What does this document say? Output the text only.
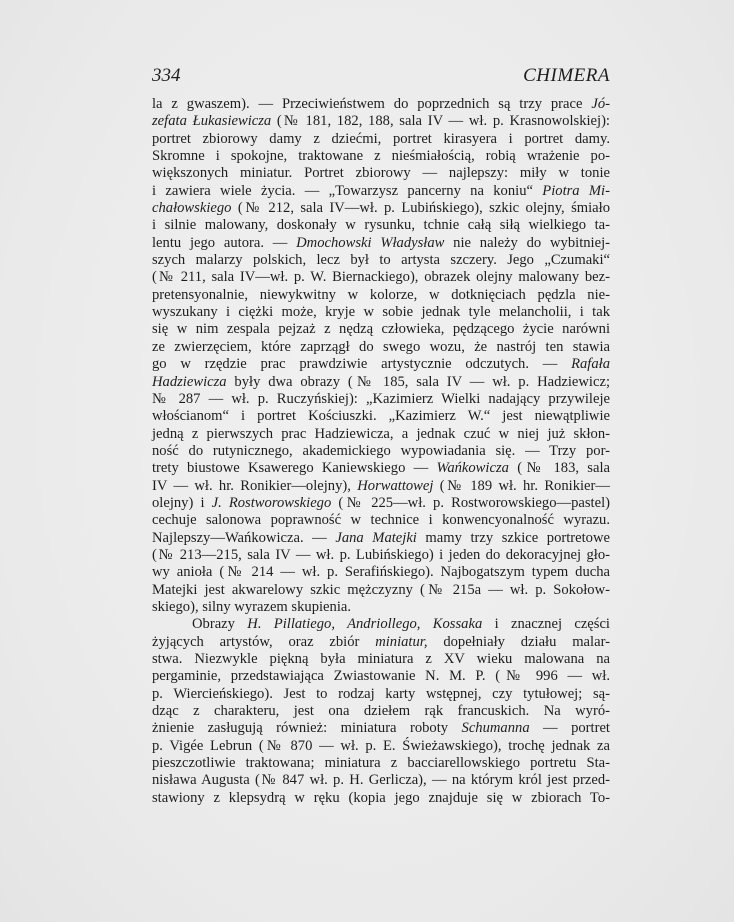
334	CHIMERA
la z gwaszem). — Przeciwieństwem do poprzednich są trzy prace Jó-
zefata Łukasiewicza (№ 181, 182, 188, sala IV — wł. p. Krasnowolskiej):
portret zbiorowy damy z dziećmi, portret kirasyera i portret damy.
Skromne i spokojne, traktowane z nieśmiałością, robią wrażenie po-
większonych miniatur. Portret zbiorowy — najlepszy: miły w tonie
i zawiera wiele życia. — „Towarzysz pancerny na koniu“ Piotra Mi-
chałowskiego (№ 212, sala IV—wł. p. Lubińskiego), szkic olejny, śmiało
i silnie malowany, doskonały w rysunku, tchnie całą siłą wielkiego ta-
lentu jego autora. — Dmochowski Władysław nie należy do wybitniej-
szych malarzy polskich, lecz był to artysta szczery. Jego „Czumaki“
(№ 211, sala IV—wł. p. W. Biernackiego), obrazek olejny malowany bez-
pretensyonalnie, niewykwitny w kolorze, w dotknięciach pędzla nie-
wyszukany i ciężki może, kryje w sobie jednak tyle melancholii, i tak
się w nim zespala pejzaż z nędzą człowieka, pędzącego życie narówni
ze zwierzęciem, które zaprzągł do swego wozu, że nastrój ten stawia
go w rzędzie prac prawdziwie artystycznie odczutych. — Rafała
Hadziewicza były dwa obrazy (№ 185, sala IV — wł. p. Hadziewicz;
№ 287 — wł. p. Ruczyńskiej): „Kazimierz Wielki nadający przywileje
włościanom“ i portret Kościuszki. „Kazimierz W.“ jest niewątpliwie
jedną z pierwszych prac Hadziewicza, a jednak czuć w niej już skłon-
ność do rutynicznego, akademickiego wypowiadania się. — Trzy por-
trety biustowe Ksawerego Kaniewskiego — Wańkowicza (№ 183, sala
IV — wł. hr. Ronikier—olejny), Horwattowej (№ 189 wł. hr. Ronikier—
olejny) i J. Rostworowskiego (№ 225—wł. p. Rostworowskiego—pastel)
cechuje salonowa poprawność w technice i konwencyonalność wyrazu.
Najlepszy—Wańkowicza. — Jana Matejki mamy trzy szkice portretowe
(№ 213—215, sala IV — wł. p. Lubińskiego) i jeden do dekoracyjnej gło-
wy anioła (№ 214 — wł. p. Serafińskiego). Najbogatszym typem ducha
Matejki jest akwarelowy szkic mężczyzny (№ 215a — wł. p. Sokołow-
skiego), silny wyrazem skupienia.
Obrazy H. Pillatiego, Andriollego, Kossaka i znacznej części
żyjących artystów, oraz zbiór miniatur, dopełniały działu malar-
stwa. Niezwykle piękną była miniatura z XV wieku malowana na
pergaminie, przedstawiająca Zwiastowanie N. M. P. (№ 996 — wł.
p. Wiercieńskiego). Jest to rodzaj karty wstępnej, czy tytułowej; są-
dząc z charakteru, jest ona dziełem rąk francuskich. Na wyró-
żnienie zasługują również: miniatura roboty Schumanna — portret
p. Vigée Lebrun (№ 870 — wł. p. E. Świeżawskiego), trochę jednak za
pieszczotliwie traktowana; miniatura z bacciarellowskiego portretu Sta-
nisława Augusta (№ 847 wł. p. H. Gerlicza), — na którym król jest przed-
stawiony z klepsydrą w ręku (kopia jego znajduje się w zbiorach To-
